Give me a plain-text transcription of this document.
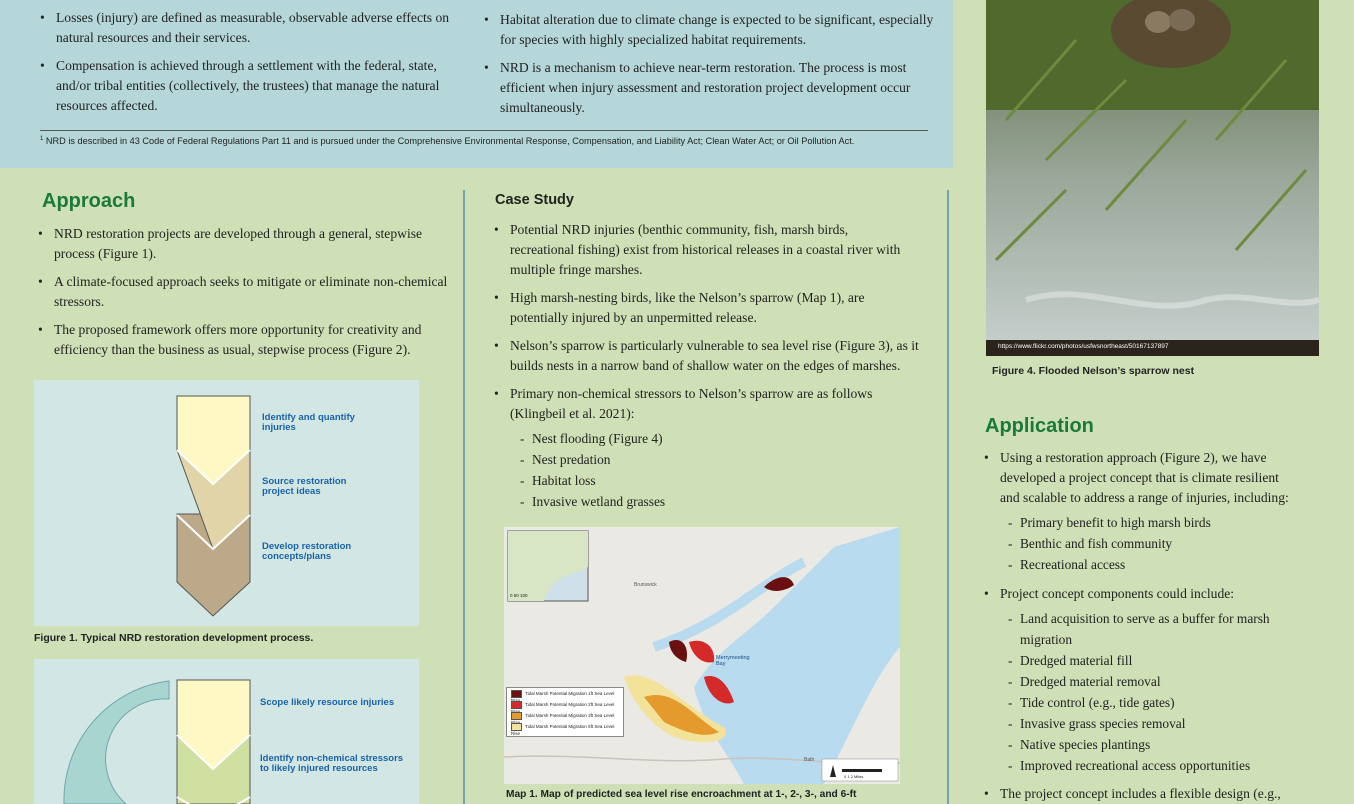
• Losses (injury) are defined as measurable, observable adverse effects on natural resources and their services.
• Compensation is achieved through a settlement with the federal, state, and/or tribal entities (collectively, the trustees) that manage the natural resources affected.
• Habitat alteration due to climate change is expected to be significant, especially for species with highly specialized habitat requirements.
• NRD is a mechanism to achieve near-term restoration. The process is most efficient when injury assessment and restoration project development occur simultaneously.
$^1$ NRD is described in 43 Code of Federal Regulations Part 11 and is pursued under the Comprehensive Environmental Response, Compensation, and Liability Act; Clean Water Act; or Oil Pollution Act.
Approach
• NRD restoration projects are developed through a general, stepwise process (Figure 1).
• A climate-focused approach seeks to mitigate or eliminate non-chemical stressors.
• The proposed framework offers more opportunity for creativity and efficiency than the business as usual, stepwise process (Figure 2).
Identify and quantify injuries
Source restoration project ideas
Develop restoration concepts/plans
Figure 1. Typical NRD restoration development process.
Scope likely resource injuries
Identify non-chemical stressors to likely injured resources
Case Study
• Potential NRD injuries (benthic community, fish, marsh birds, recreational fishing) exist from historical releases in a coastal river with multiple fringe marshes.
• High marsh-nesting birds, like the Nelson’s sparrow (Map 1), are potentially injured by an unpermitted release.
• Nelson’s sparrow is particularly vulnerable to sea level rise (Figure 3), as it builds nests in a narrow band of shallow water on the edges of marshes.
• Primary non-chemical stressors to Nelson’s sparrow are as follows (Klingbeil et al. 2021):
- Nest flooding (Figure 4)
- Nest predation
- Habitat loss
- Invasive wetland grasses
0 50 100
Brunswick
Merrymeeting Bay
Bath
0 1 2 Miles
Tidal Marsh Potential Migration 1ft Sea Level
Tidal Marsh Potential Migration 2ft Sea Level
Tidal Marsh Potential Migration 3ft Sea Level
Tidal Marsh Potential Migration 6ft Sea Level Rise
Map 1. Map of predicted sea level rise encroachment at 1-, 2-, 3-, and 6-ft
https://www.flickr.com/photos/usfwsnortheast/50167137897
Figure 4. Flooded Nelson’s sparrow nest
Application
• Using a restoration approach (Figure 2), we have developed a project concept that is climate resilient and scalable to address a range of injuries, including:
- Primary benefit to high marsh birds
- Benthic and fish community
- Recreational access
• Project concept components could include:
- Land acquisition to serve as a buffer for marsh migration
- Dredged material fill
- Dredged material removal
- Tide control (e.g., tide gates)
- Invasive grass species removal
- Native species plantings
- Improved recreational access opportunities
• The project concept includes a flexible design (e.g.,
